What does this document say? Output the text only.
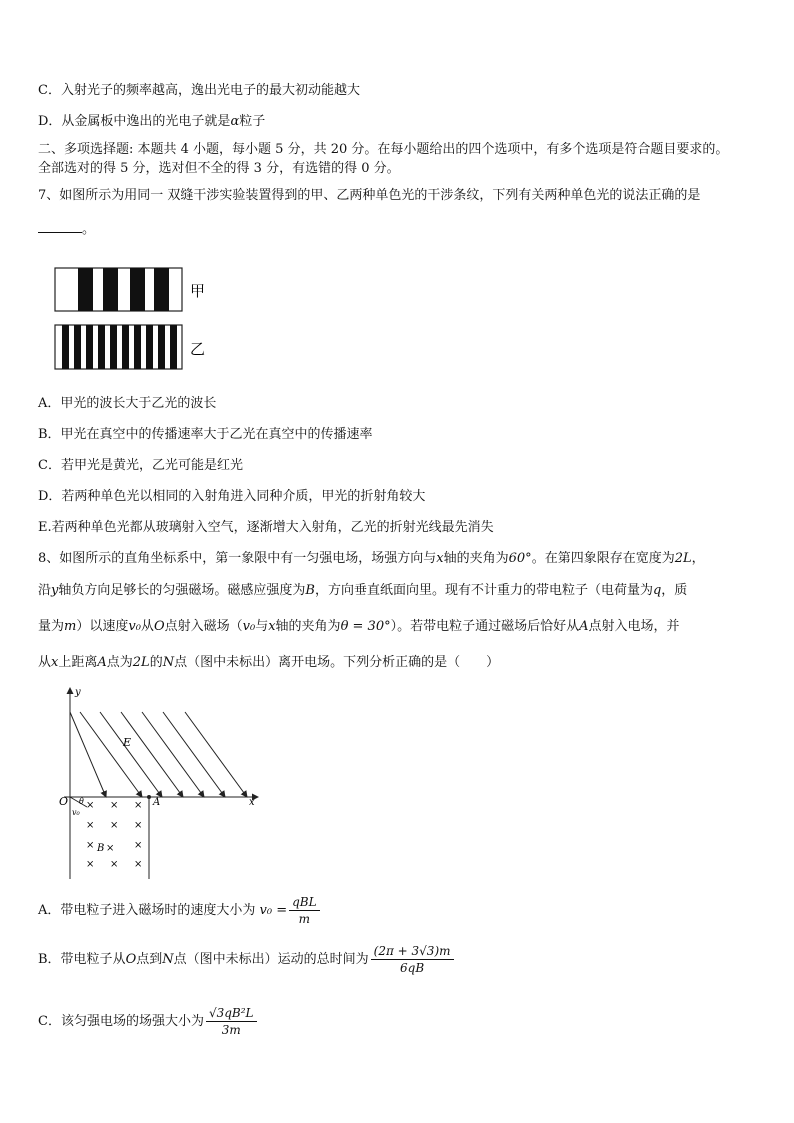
C．入射光子的频率越高，逸出光电子的最大初动能越大
D．从金属板中逸出的光电子就是α粒子
二、多项选择题: 本题共 4 小题，每小题 5 分，共 20 分。在每小题给出的四个选项中，有多个选项是符合题目要求的。
全部选对的得 5 分，选对但不全的得 3 分，有选错的得 0 分。
7、如图所示为用同一 双缝干涉实验装置得到的甲、乙两种单色光的干涉条纹，下列有关两种单色光的说法正确的是
。
甲
乙
A．甲光的波长大于乙光的波长
B．甲光在真空中的传播速率大于乙光在真空中的传播速率
C．若甲光是黄光，乙光可能是红光
D．若两种单色光以相同的入射角进入同种介质，甲光的折射角较大
E.若两种单色光都从玻璃射入空气，逐渐增大入射角，乙光的折射光线最先消失
8、如图所示的直角坐标系中，第一象限中有一匀强电场，场强方向与x轴的夹角为60°。在第四象限存在宽度为2L，
沿y轴负方向足够长的匀强磁场。磁感应强度为B，方向垂直纸面向里。现有不计重力的带电粒子（电荷量为q，质
量为m）以速度v₀从O点射入磁场（v₀与x轴的夹角为θ = 30°）。若带电粒子通过磁场后恰好从A点射入电场，并
从x上距离A点为2L的N点（图中未标出）离开电场。下列分析正确的是（　　）
× × ×
× × ×
×	×
× × ×
×
y
x
O	A
E
B
θ
v₀
A．带电粒子进入磁场时的速度大小为 $v_0 = \frac{\text{qBL}}{m}$
B．带电粒子从O点到N点（图中未标出）运动的总时间为 $\frac{(2\pi + 3√3)m}{6qB}$
C．该匀强电场的场强大小为 $\frac{\text{√3qB²L}}{3m}$
